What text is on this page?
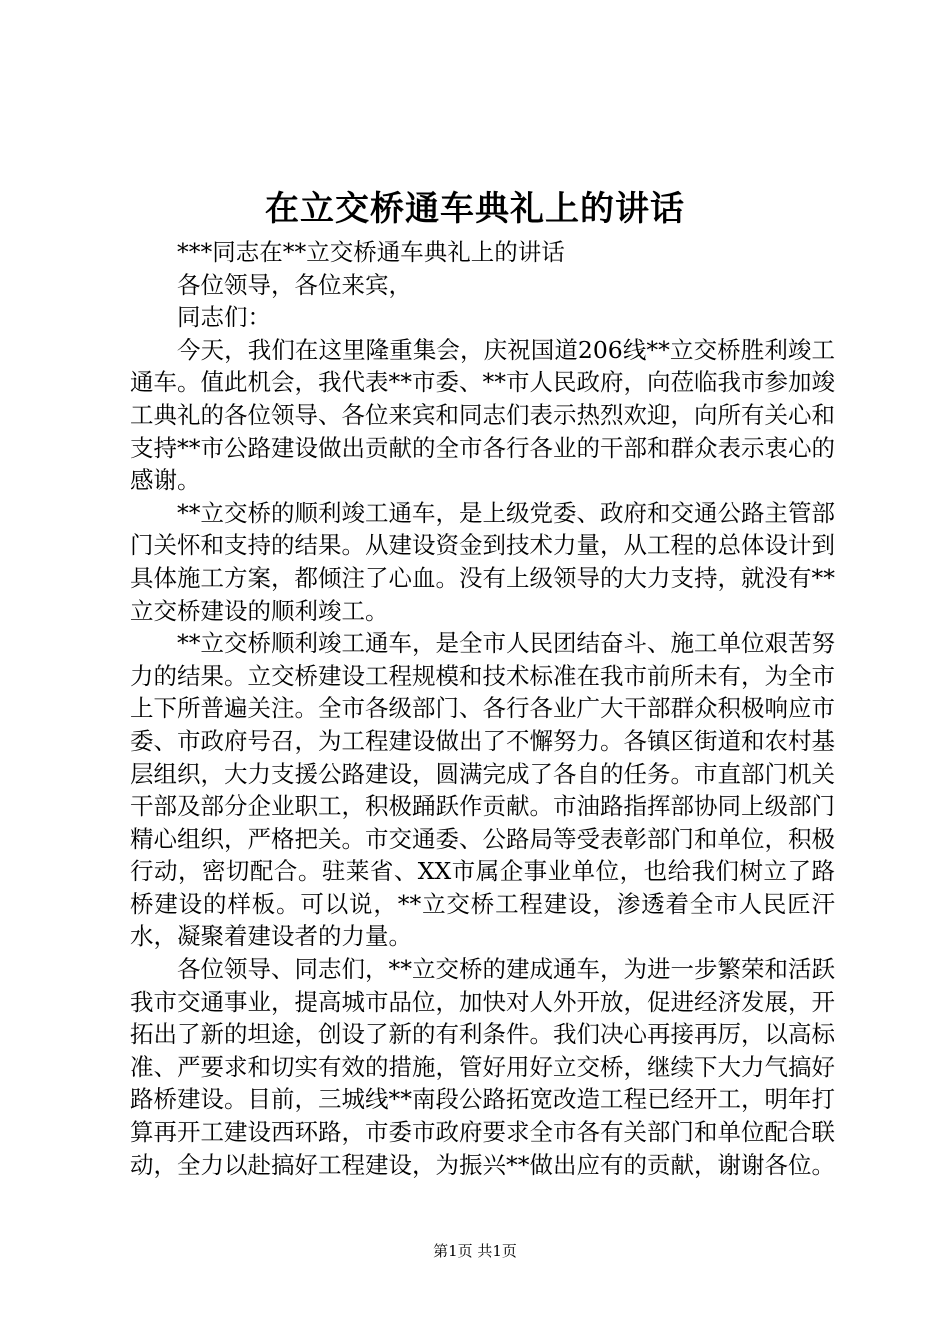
在立交桥通车典礼上的讲话

***同志在**立交桥通车典礼上的讲话

各位领导，各位来宾，

同志们：

今天，我们在这里隆重集会，庆祝国道206线**立交桥胜利竣工通车。值此机会，我代表**市委、**市人民政府，向莅临我市参加竣工典礼的各位领导、各位来宾和同志们表示热烈欢迎，向所有关心和支持**市公路建设做出贡献的全市各行各业的干部和群众表示衷心的感谢。

**立交桥的顺利竣工通车，是上级党委、政府和交通公路主管部门关怀和支持的结果。从建设资金到技术力量，从工程的总体设计到具体施工方案，都倾注了心血。没有上级领导的大力支持，就没有**立交桥建设的顺利竣工。

**立交桥顺利竣工通车，是全市人民团结奋斗、施工单位艰苦努力的结果。立交桥建设工程规模和技术标准在我市前所未有，为全市上下所普遍关注。全市各级部门、各行各业广大干部群众积极响应市委、市政府号召，为工程建设做出了不懈努力。各镇区街道和农村基层组织，大力支援公路建设，圆满完成了各自的任务。市直部门机关干部及部分企业职工，积极踊跃作贡献。市油路指挥部协同上级部门精心组织，严格把关。市交通委、公路局等受表彰部门和单位，积极行动，密切配合。驻莱省、XX市属企事业单位，也给我们树立了路桥建设的样板。可以说，**立交桥工程建设，渗透着全市人民匠汗水，凝聚着建设者的力量。

各位领导、同志们，**立交桥的建成通车，为进一步繁荣和活跃我市交通事业，提高城市品位，加快对人外开放，促进经济发展，开拓出了新的坦途，创设了新的有利条件。我们决心再接再厉，以高标准、严要求和切实有效的措施，管好用好立交桥，继续下大力气搞好路桥建设。目前，三城线**南段公路拓宽改造工程已经开工，明年打算再开工建设西环路，市委市政府要求全市各有关部门和单位配合联动，全力以赴搞好工程建设，为振兴**做出应有的贡献，谢谢各位。

第1页 共1页
